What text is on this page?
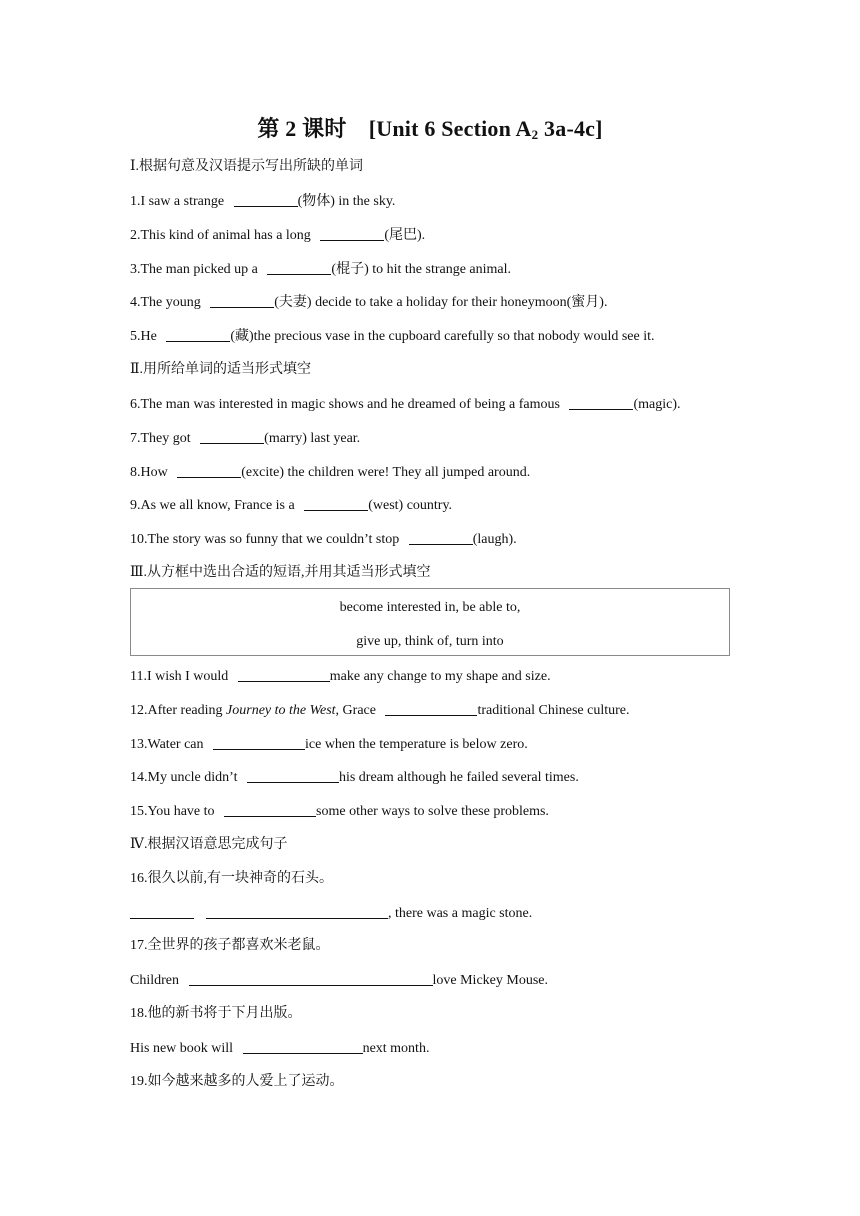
第 2 课时　[Unit 6 Section $A_2$ 3a-4c]
Ⅰ.根据句意及汉语提示写出所缺的单词
1.I saw a strange	(物体) in the sky.
2.This kind of animal has a long	(尾巴).
3.The man picked up a	(棍子) to hit the strange animal.
4.The young	(夫妻) decide to take a holiday for their honeymoon(蜜月).
5.He	(藏)the precious vase in the cupboard carefully so that nobody would see it.
Ⅱ.用所给单词的适当形式填空
6.The man was interested in magic shows and he dreamed of being a famous	(magic).
7.They got	(marry) last year.
8.How	(excite) the children were! They all jumped around.
9.As we all know, France is a	(west) country.
10.The story was so funny that we couldn’t stop	(laugh).
Ⅲ.从方框中选出合适的短语,并用其适当形式填空
become interested in, be able to,
give up, think of, turn into
11.I wish I would	make any change to my shape and size.
12.After reading Journey to the West, Grace	traditional Chinese culture.
13.Water can	ice when the temperature is below zero.
14.My uncle didn’t	his dream although he failed several times.
15.You have to	some other ways to solve these problems.
Ⅳ.根据汉语意思完成句子
16.很久以前,有一块神奇的石头。
, there was a magic stone.
17.全世界的孩子都喜欢米老鼠。
Children	love Mickey Mouse.
18.他的新书将于下月出版。
His new book will	next month.
19.如今越来越多的人爱上了运动。
